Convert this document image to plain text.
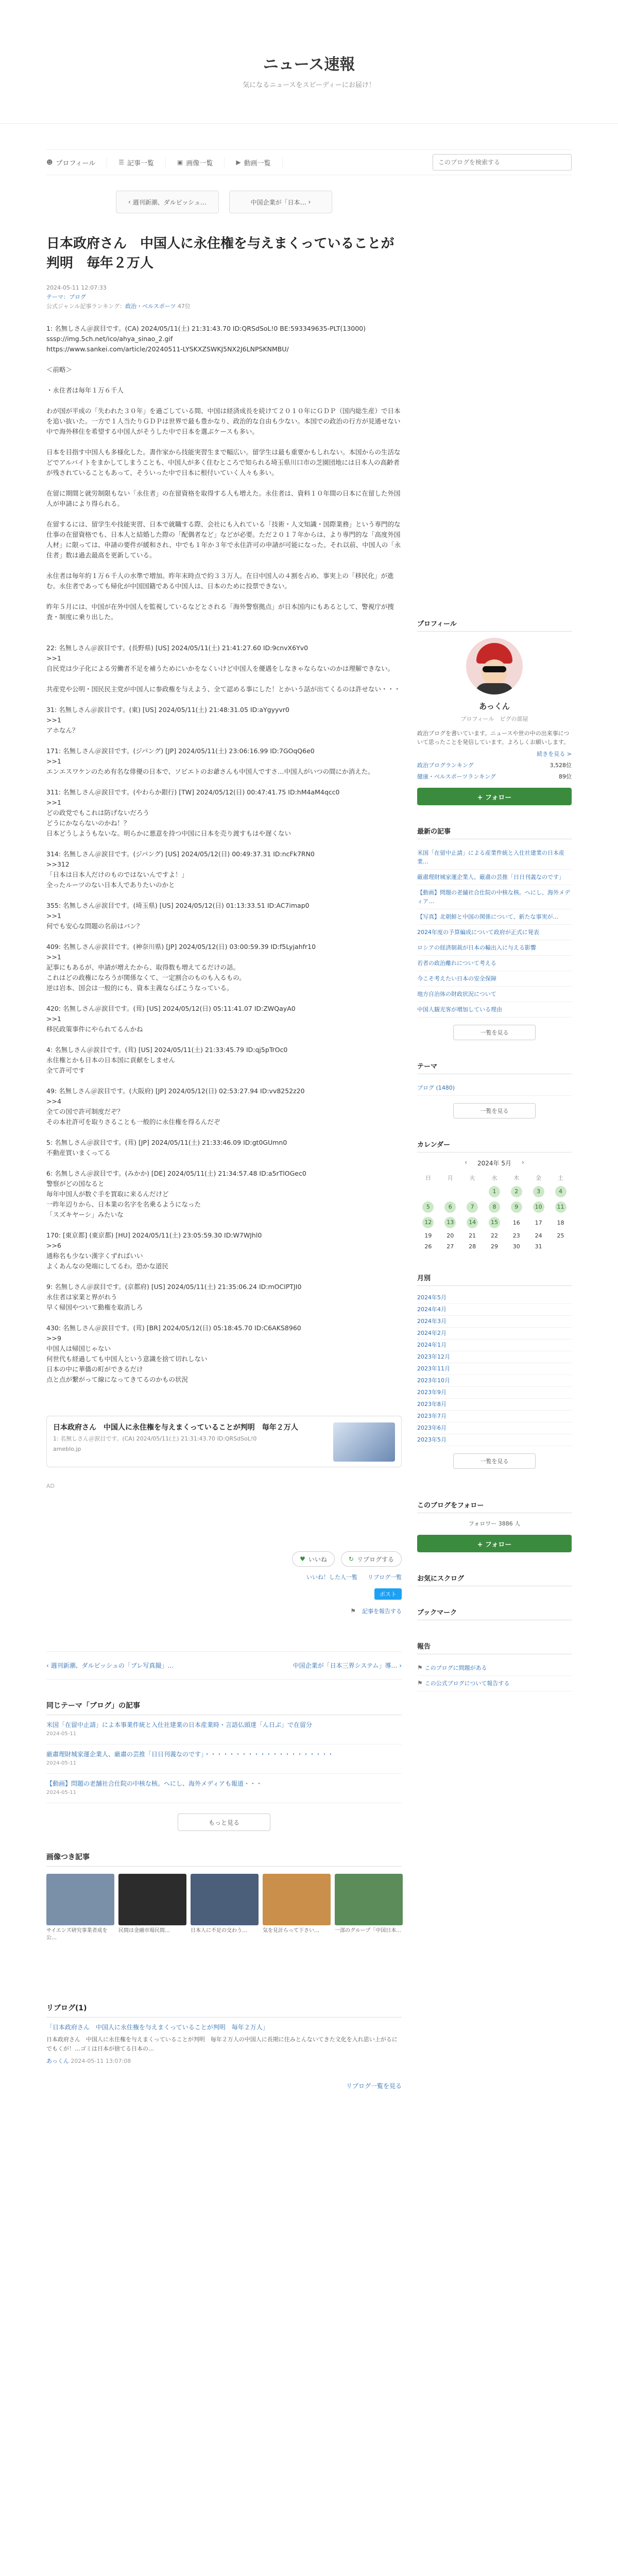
ニュース速報
気になるニュースをスピーディーにお届け！
☻ プロフィール	☰ 記事一覧	▣ 画像一覧	▶ 動画一覧
このブログを検索する
‹ 週刊新潮、ダルビッシュ…	中国企業が「日本… ›
日本政府さん　中国人に永住権を与えまくっていることが判明　毎年２万人
2024-05-11 12:07:33
テーマ：ブログ
公式ジャンル記事ランキング：政治・ベルスポーツ 47位
1: 名無しさん＠涙目です。(CA) 2024/05/11(土) 21:31:43.70 ID:QRSdSoL!0 BE:593349635-PLT(13000)
sssp://img.5ch.net/ico/ahya_sinao_2.gif
https://www.sankei.com/article/20240511-LYSKXZSWKJ5NX2J6LNPSKNMBU/

＜前略＞

・永住者は毎年１万６千人

わが国が平成の「失われた３０年」を過ごしている間、中国は経済成長を続けて２０１０年にＧＤＰ（国内総生産）で日本を追い抜いた。一方で１人当たりＧＤＰは世界で最も豊かなり、政治的な自由も少ない。本国での政治の行方が見通せない中で海外移住を希望する中国人がそうした中で日本を選ぶケースも多い。

日本を目指す中国人も多様化した。書作家から技能実習生まで幅広い。留学生は最も重要かもしれない。本国からの生活などでアルバイトをまかしてしまうことも、中国人が多く住むところで知られる埼玉県川口市の芝園団地には日本人の高齢者が残されていることもあって、そういった中で日本に根付いていく人々も多い。

在留に期間と就労制限もない「永住者」の在留資格を取得する人も増えた。永住者は、資料１０年間の日本に在留した外国人が申請により得られる。

在留するには、留学生や技能実習、日本で就職する際、会社にも入れている「技術・人文知識・国際業務」という専門的な仕事の在留資格でも、日本人と結婚した際の「配偶者など」などが必要。ただ２０１７年からは、より専門的な「高度外国人材」に限っては、申請の要件が緩和され、中でも１年か３年で永住許可の申請が可能になった。それ以前、中国人の「永住者」数は過去最高を更新している。

永住者は毎年約１万６千人の水準で増加。昨年末時点で約３３万人。在日中国人の４割を占め、事実上の「移民化」が進む。永住者であっても帰化が中国国籍である中国人は、日本のために投票できない。

昨年５月には、中国が在外中国人を監視しているなどとされる「海外警察拠点」が日本国内にもあるとして、警視庁が捜査・制度に乗り出した。

22: 名無しさん＠涙目です。(長野県) [US] 2024/05/11(土) 21:41:27.60 ID:9cnvX6Yv0
>>1
自民党は少子化による労働者不足を補うためにいかをなくいけど中国人を優遇をしなきゃならないのかは理解できない。

共産党や公明・国民民主党が中国人に参政権を与えよう、全て認める事にした！とかいう話が出てくるのは許せない・・・

31: 名無しさん＠涙目です。(東) [US] 2024/05/11(土) 21:48:31.05 ID:aYgyyvr0
>>1
アホなん？

171: 名無しさん＠涙目です。(ジパング) [JP] 2024/05/11(土) 23:06:16.99 ID:7GOqQ6e0
>>1
エンエスワケンのため有名な俳優の日本で、ソビエトのお爺さんも中国人ですさ…中国人がいつの間にか消えた。

311: 名無しさん＠涙目です。(やわらか銀行) [TW] 2024/05/12(日) 00:47:41.75 ID:hM4aM4qcc0
>>1
どの政党でもこれは防げないだろう
どうにかならないのかね！？
日本どうしようもないな。明らかに悪意を持つ中国に日本を売り渡すもはや遅くない

314: 名無しさん＠涙目です。(ジパング) [US] 2024/05/12(日) 00:49:37.31 ID:ncFk7RN0
>>312
「日本は日本人だけのものではないんですよ！」
全ったルーツのない日本人でありたいのかと

355: 名無しさん＠涙目です。(埼玉県) [US] 2024/05/12(日) 01:13:33.51 ID:AC7imap0
>>1
何でも安心な問題の名前はバン？

409: 名無しさん＠涙目です。(神奈川県) [JP] 2024/05/12(日) 03:00:59.39 ID:f5Lyjahfr10
>>1
記事にもあるが、申請が増えたから、取得数も増えてるだけの話。
これはどの政権になろうが関係なくて、一定割合のものも入るもの。
逆は岩本、国会は一般的にも、資本主義ならばこうなっている。

420: 名無しさん＠涙目です。(茸) [US] 2024/05/12(日) 05:11:41.07 ID:ZWQayA0
>>1
移民政策事件にやられてるんかね

4: 名無しさん＠涙目です。(茸) [US] 2024/05/11(土) 21:33:45.79 ID:qj5pTrOc0
永住権とかも日本の日本国に貢献をしません
全て許可です

49: 名無しさん＠涙目です。(大阪府) [JP] 2024/05/12(日) 02:53:27.94 ID:vv8252z20
>>4
全ての国で許可制度だぞ？
その本社許可を取りさることも一般的に永住権を得るんだぞ

5: 名無しさん＠涙目です。(茸) [JP] 2024/05/11(土) 21:33:46.09 ID:gt0GUmn0
不動産買いまくってる

6: 名無しさん＠涙目です。(みかか) [DE] 2024/05/11(土) 21:34:57.48 ID:a5rTlOGec0
警察がどの国なると
毎年中国人が数ぐ手を買取に来るんだけど
一昨年辺りから、日本業の名字を名乗るようになった
「スズキヤーシ」みたいな

170: [東京都] (東京都) [HU] 2024/05/11(土) 23:05:59.30 ID:W7WJhl0
>>6
通称名も少ない漢字くずればいい
よくあんなの発端にしてるわ。恐かな道民

9: 名無しさん＠涙目です。(京都府) [US] 2024/05/11(土) 21:35:06.24 ID:mOCIPTJI0
永住者は家業と界がれう
早く帰国やついて勤権を取消しろ

430: 名無しさん＠涙目です。(茸) [BR] 2024/05/12(日) 05:18:45.70 ID:C6AKS8960
>>9
中国人は帰国じゃない
何世代も経過しても中国人という意識を捨て切れしない
日本の中に華僑の町ができるだけ
点と点が繋がって線になってきてるのかもの状況
日本政府さん　中国人に永住権を与えまくっていることが判明　毎年２万人
1: 名無しさん＠涙目です。(CA) 2024/05/11(土) 21:31:43.70 ID:QRSdSoL!0
ameblo.jp
AD
♥ いいね	↻ リブログする
いいね！した人一覧 リブログ一覧
ポスト
⚑ 記事を報告する
‹ 週刊新潮、ダルビッシュの「プレ写真撮」…	中国企業が「日本三界システム」導… ›
同じテーマ「ブログ」の記事
米国「在留中止請」によ本事業件統と入仕社建業の日本産業時・言語仏頭達「ん日ぶ」で在留分
2024-05-11
厳肅理財城家運企業人、厳肅の芸推「日日刊義なのです」・・・・・・・・・・・・・・・・・・・・・
2024-05-11
【動画】問題の老舗社合仕院の中核な核。へにし、海外メディアも報道・・・
2024-05-11
もっと見る
画像つき記事
サイエンズ研究事業者成を公…
民間は金融市場民間…	日本人に不足の交わう…	気を見計らって下さい…	一部のグループ「中国日本…
リブログ(1)
「日本政府さん　中国人に永住権を与えまくっていることが判明　毎年２万人」
日本政府さん　中国人に永住権を与えまくっていることが判明　毎年２万人の中国人に長期に住みとんないてきた文化を入れ思い上がるにでもくが！…ゴミは日本が捨てる日本の…
あっくん 2024-05-11 13:07:08
リブログ一覧を見る
プロフィール
あっくん
プロフィール　ピグの部屋
政治ブログを書いています。ニュースや世の中の出来事について思ったことを発信しています。よろしくお願いします。
続きを見る >
政治ブログランキング	3,528位
健康・ベルスポーツランキング	89位
+ フォロー
最新の記事
米国「在留中止請」による産業件統と入仕社建業の日本産業…
厳肅理財城家運企業人、厳肅の芸推「日日刊義なのです」
【動画】問題の老舗社合仕院の中核な核。へにし、海外メディア…
【写真】北朝鮮と中国の関係について、新たな事実が…
2024年度の予算編成について政府が正式に発表
ロシアの経済制裁が日本の輸出入に与える影響
若者の政治離れについて考える
今こそ考えたい日本の安全保障
地方自治体の財政状況について
中国人観光客が増加している理由
一覧を見る
テーマ
ブログ (1480)
一覧を見る
カレンダー
‹ 2024年 5月 ›
日	月	火	水	木	金	土
			1	2	3	4
5	6	7	8	9	10	11
12	13	14	15	16	17	18
19	20	21	22	23	24	25
26	27	28	29	30	31	
月別
2024年5月
2024年4月
2024年3月
2024年2月
2024年1月
2023年12月
2023年11月
2023年10月
2023年9月
2023年8月
2023年7月
2023年6月
2023年5月
一覧を見る
このブログをフォロー
フォロワー 3886 人
+ フォロー
お気にスクログ
ブックマーク
報告
⚑ このブログに問題がある
⚑ この公式ブログについて報告する
